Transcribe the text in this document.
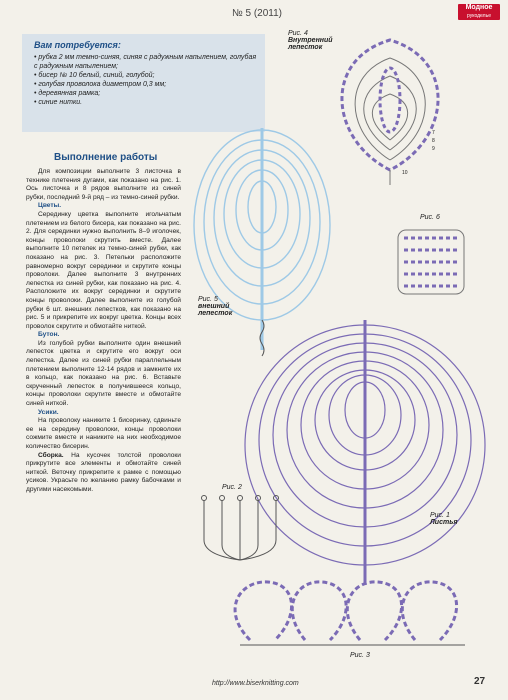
№ 5 (2011)
Модное
рукоделье
Вам потребуется:
• рубка 2 мм темно-синяя, синяя с радужным напылением, голубая с радужным напылением;
• бисер № 10 белый, синий, голубой;
• голубая проволока диаметром 0,3 мм;
• деревянная рамка;
• синие нитки.
Выполнение работы

Для композиции выполните 3 листочка в технике плетения дугами, как показано на рис. 1. Ось листочка и 8 рядов выполните из синей рубки, последний 9-й ряд – из темно-синей рубки.

Цветы.

Серединку цветка выполните игольчатым плетением из белого бисера, как показано на рис. 2. Для серединки нужно выполнить 8–9 иголочек, концы проволоки скрутить вместе. Далее выполните 10 петелек из темно-синей рубки, как показано на рис. 3. Петельки расположите равномерно вокруг серединки и скрутите концы проволоки. Далее выполните 3 внутренних лепестка из синей рубки, как показано на рис. 4. Расположите их вокруг серединки и скрутите концы проволоки. Далее выполните из голубой рубки 6 шт. внешних лепестков, как показано на рис. 5 и прикрепите их вокруг цветка. Концы всех проволок скрутите и обмотайте ниткой.

Бутон.

Из голубой рубки выполните один внешний лепесток цветка и скрутите его вокруг оси лепестка. Далее из синей рубки параллельным плетением выполните 12-14 рядов и замкните их в кольцо, как показано на рис. 6. Вставьте скрученный лепесток в получившееся кольцо, концы проволоки скрутите вместе и обмотайте синей ниткой.

Усики.

На проволоку наниките 1 бисеринку, сдвиньте ее на середину проволоки, концы проволоки сожмите вместе и наниките на них необходимое количество бисерин.

Сборка. На кусочек толстой проволоки прикрутите все элементы и обмотайте синей ниткой. Веточку прикрепите к рамке с помощью усиков. Украсьте по желанию рамку бабочками и другими насекомыми.

Рис. 4
Внутренний
лепесток
7
8
9
10
Рис. 5
внешний
лепесток
Рис. 6
Рис. 2
Рис. 1
Листья
Рис. 3
http://www.biserknitting.com	27
